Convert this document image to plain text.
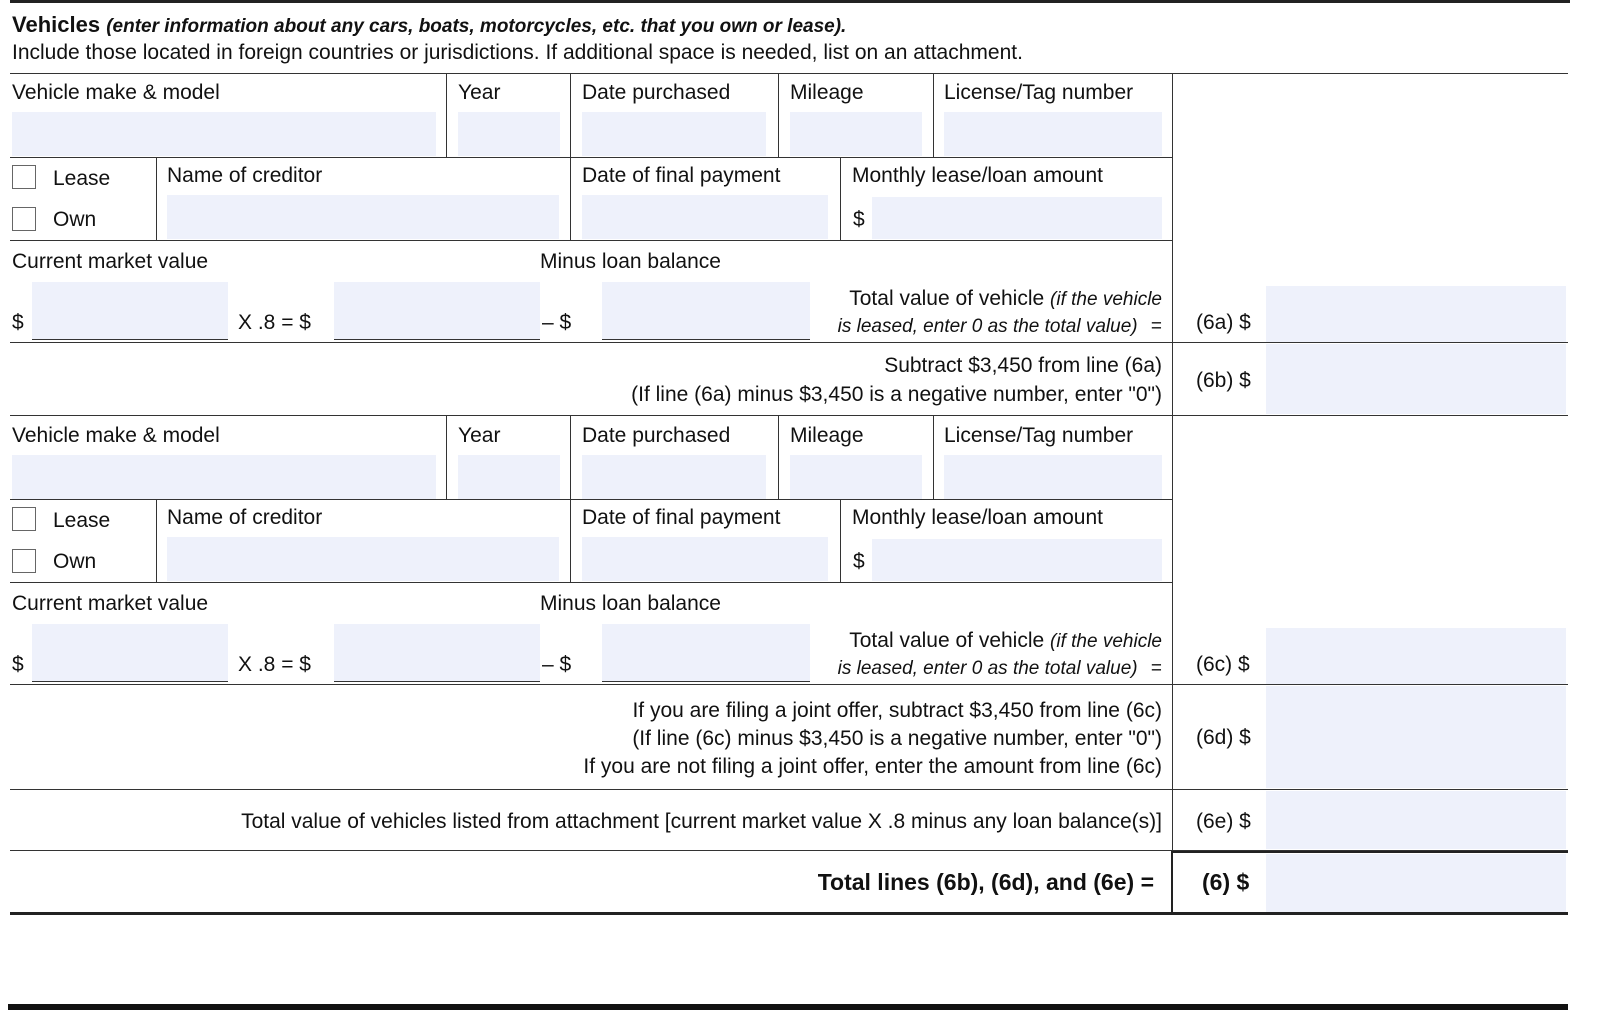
Vehicles (enter information about any cars, boats, motorcycles, etc. that you own or lease).
Include those located in foreign countries or jurisdictions. If additional space is needed, list on an attachment.
Vehicle make & model	Year	Date purchased	Mileage	License/Tag number
Lease
Own
Name of creditor	Date of final payment	Monthly lease/loan amount
$
Current market value	Minus loan balance
$	X .8 = $	– $
Total value of vehicle (if the vehicle
is leased, enter 0 as the total value) = (6a) $
Subtract $3,450 from line (6a)
(If line (6a) minus $3,450 is a negative number, enter "0")
(6b) $
Vehicle make & model	Year	Date purchased	Mileage	License/Tag number
Lease
Own
Name of creditor	Date of final payment	Monthly lease/loan amount
$
Current market value	Minus loan balance
$	X .8 = $	– $
Total value of vehicle (if the vehicle
is leased, enter 0 as the total value) = (6c) $
If you are filing a joint offer, subtract $3,450 from line (6c)
(If line (6c) minus $3,450 is a negative number, enter "0")
If you are not filing a joint offer, enter the amount from line (6c)
(6d) $
Total value of vehicles listed from attachment [current market value X .8 minus any loan balance(s)] (6e) $
Total lines (6b), (6d), and (6e) = (6) $
